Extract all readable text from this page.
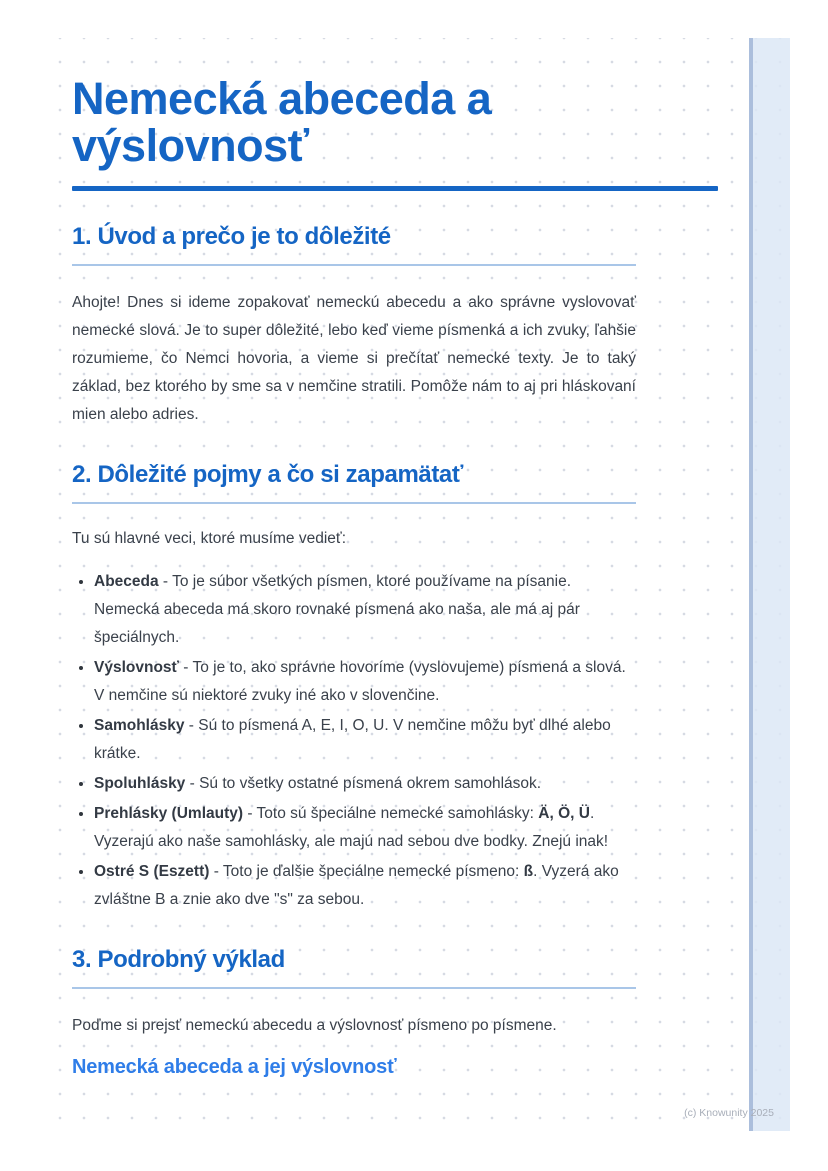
Nemecká abeceda a výslovnosť
1. Úvod a prečo je to dôležité

Ahojte! Dnes si ideme zopakovať nemeckú abecedu a ako správne vyslovovať nemecké slová. Je to super dôležité, lebo keď vieme písmenká a ich zvuky, ľahšie rozumieme, čo Nemci hovoria, a vieme si prečítať nemecké texty. Je to taký základ, bez ktorého by sme sa v nemčine stratili. Pomôže nám to aj pri hláskovaní mien alebo adries.

2. Dôležité pojmy a čo si zapamätať

Tu sú hlavné veci, ktoré musíme vedieť:

• Abeceda - To je súbor všetkých písmen, ktoré používame na písanie. Nemecká abeceda má skoro rovnaké písmená ako naša, ale má aj pár špeciálnych.
• Výslovnosť - To je to, ako správne hovoríme (vyslovujeme) písmená a slová. V nemčine sú niektoré zvuky iné ako v slovenčine.
• Samohlásky - Sú to písmená A, E, I, O, U. V nemčine môžu byť dlhé alebo krátke.
• Spoluhlásky - Sú to všetky ostatné písmená okrem samohlások.
• Prehlásky (Umlauty) - Toto sú špeciálne nemecké samohlásky: Ä, Ö, Ü. Vyzerajú ako naše samohlásky, ale majú nad sebou dve bodky. Znejú inak!
• Ostré S (Eszett) - Toto je ďalšie špeciálne nemecké písmeno: ß. Vyzerá ako zvláštne B a znie ako dve "s" za sebou.
3. Podrobný výklad

Poďme si prejsť nemeckú abecedu a výslovnosť písmeno po písmene.

Nemecká abeceda a jej výslovnosť
(c) Knowunity 2025
